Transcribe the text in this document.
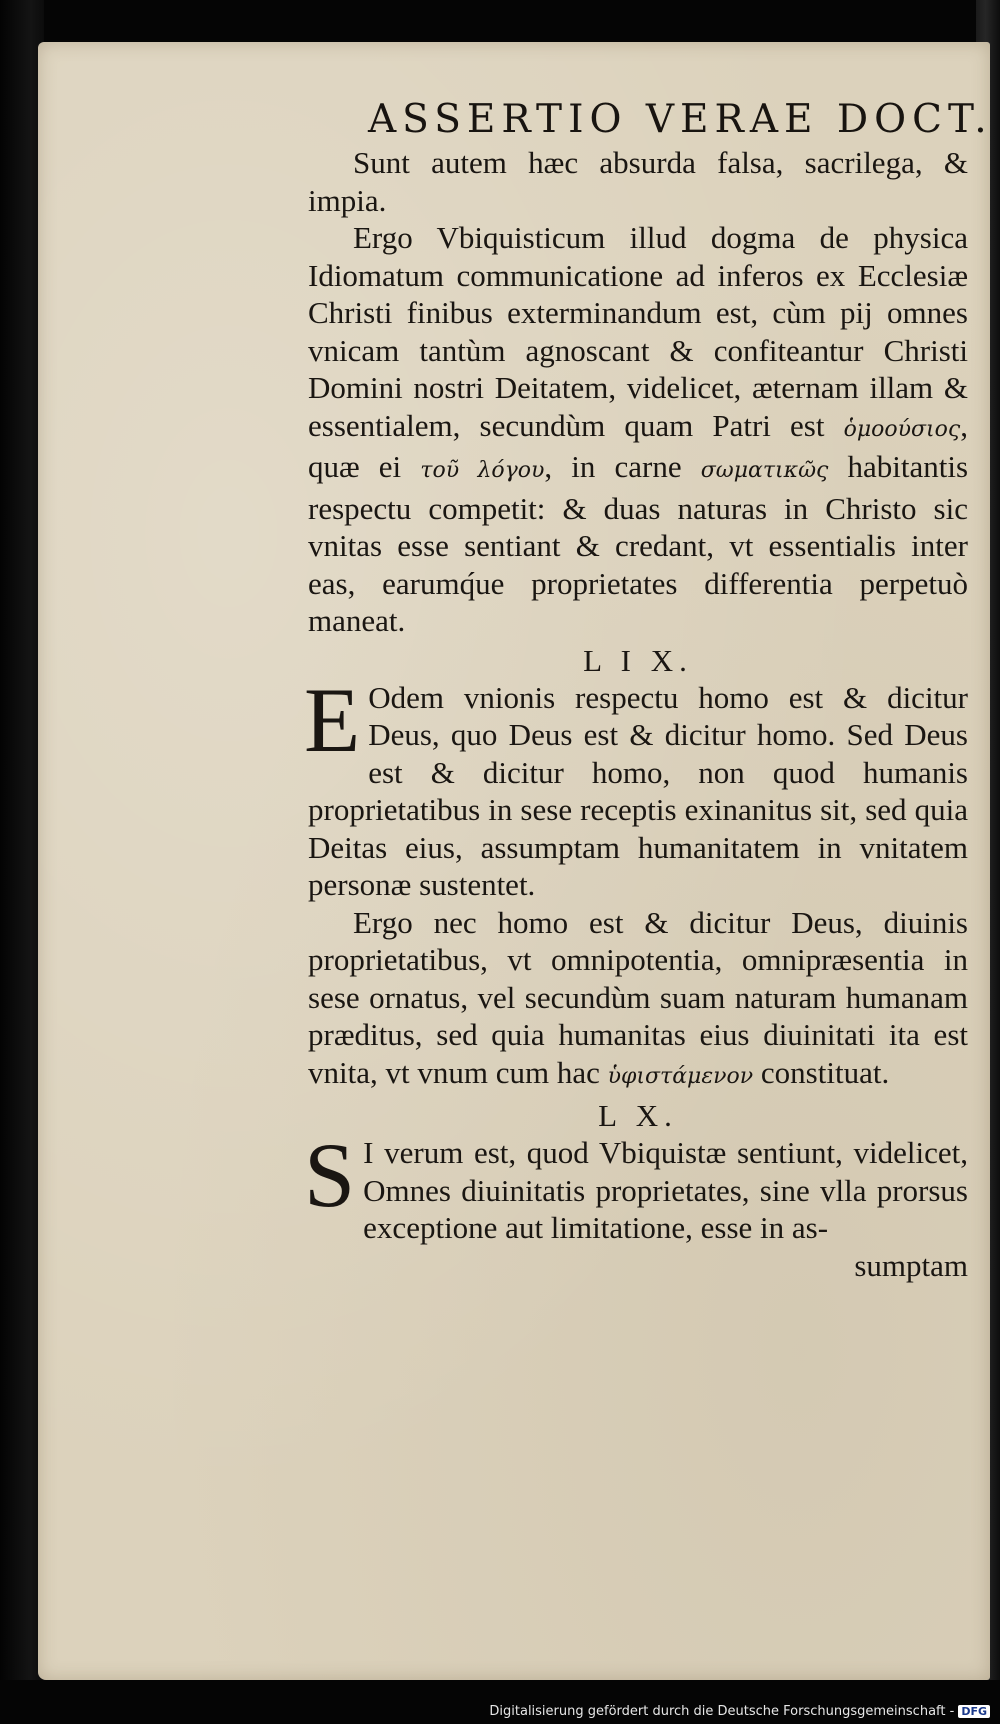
ASSERTIO VERAE DOCT.

Sunt autem hæc absurda falsa, sacrilega, & impia.

Ergo Vbiquisticum illud dogma de physica Idiomatum communicatione ad inferos ex Ecclesiæ Christi finibus exterminandum est, cùm pij omnes vnicam tantùm agnoscant & confiteantur Christi Domini nostri Deitatem, videlicet, æternam illam & essentialem, secundùm quam Patri est ὁμοούσιος, quæ ei τοῦ λόγου, in carne σωματικῶς habitantis respectu competit: & duas naturas in Christo sic vnitas esse sentiant & credant, vt essentialis inter eas, earumq́ue proprietates differentia perpetuò maneat.

L I X.

E Odem vnionis respectu homo est & dicitur Deus, quo Deus est & dicitur homo. Sed Deus est & dicitur homo, non quod humanis proprietatibus in sese receptis exinanitus sit, sed quia Deitas eius, assumptam humanitatem in vnitatem personæ sustentet.

Ergo nec homo est & dicitur Deus, diuinis proprietatibus, vt omnipotentia, omnipræsentia in sese ornatus, vel secundùm suam naturam humanam præditus, sed quia humanitas eius diuinitati ita est vnita, vt vnum cum hac ὑφιστάμενον constituat.

L X.

S I verum est, quod Vbiquistæ sentiunt, videlicet, Omnes diuinitatis proprietates, sine vlla prorsus exceptione aut limitatione, esse in as-

sumptam
Digitalisierung gefördert durch die Deutsche Forschungsgemeinschaft - DFG
